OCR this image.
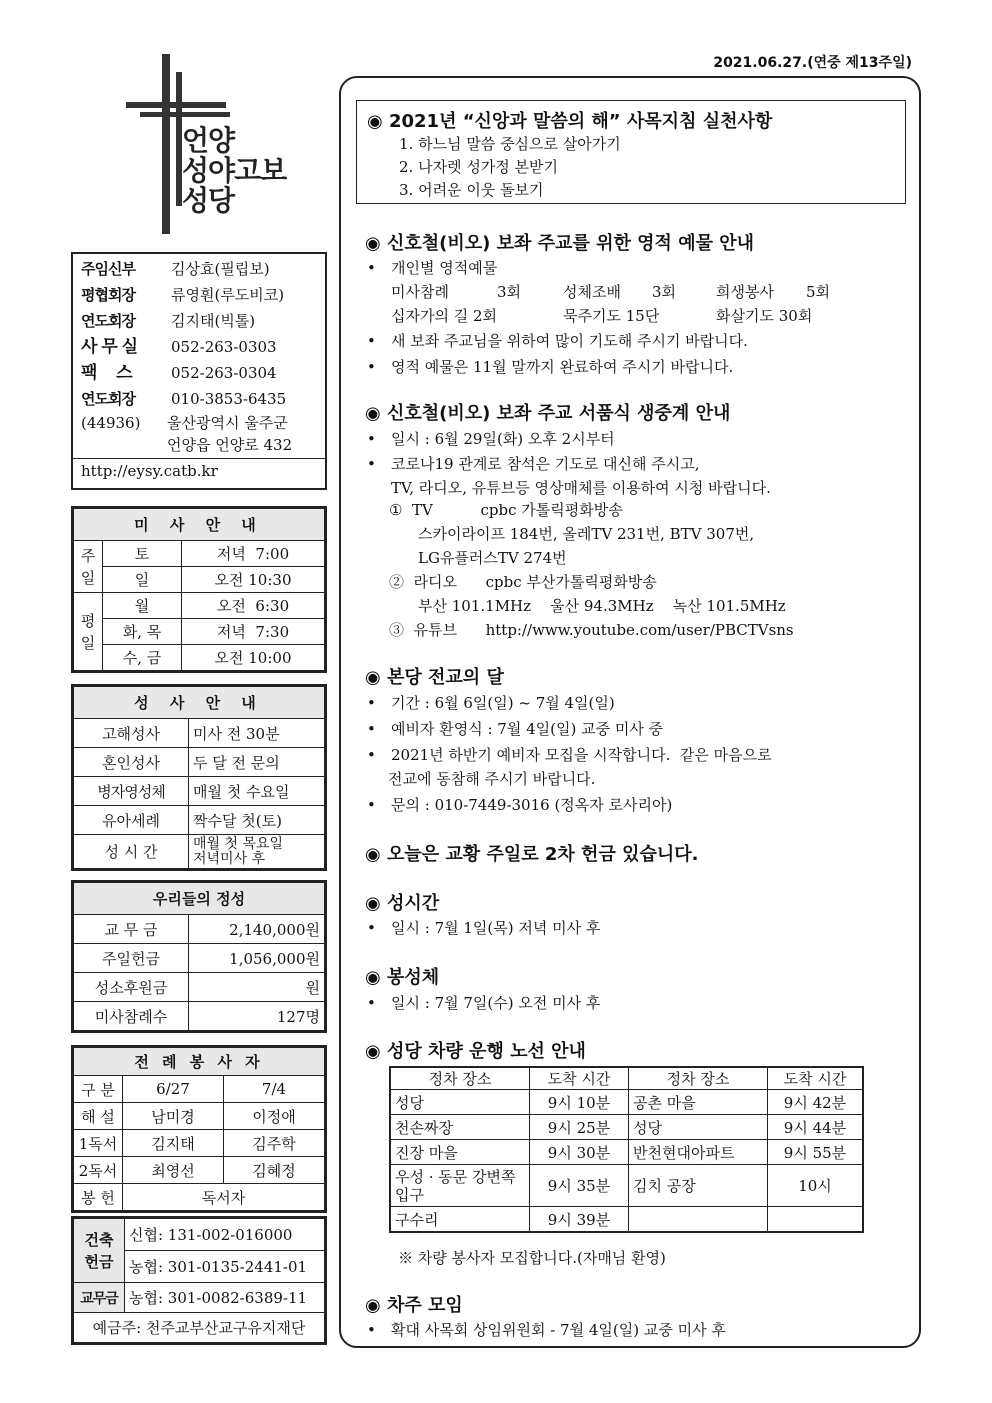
2021.06.27.(연중 제13주일)
언양
성야고보
성당
주임신부	김상효(필립보)
평협회장	류영훤(루도비코)
연도회장	김지태(빅톨)
사 무 실	052-263-0303
팩    스	052-263-0304
연도회장	010-3853-6435
(44936)	울산광역시 울주군
언양읍 언양로 432
http://eysy.catb.kr
미 사 안 내		
주일	토	저녁  7:00
	일	오전 10:30
평일	월	오전  6:30
	화, 목	저녁  7:30
	수, 금	오전 10:00
성 사 안 내	
고해성사	미사 전 30분
혼인성사	두 달 전 문의
병자영성체	매월 첫 수요일
유아세례	짝수달 첫(토)
성 시 간	매월 첫 목요일
저녁미사 후
우리들의 정성	
교 무 금	2,140,000원
주일헌금	1,056,000원
성소후원금	원
미사참례수	127명
전 례 봉 사 자		
구 분	6/27	7/4
해 설	남미경	이정애
1독서	김지태	김주학
2독서	최영선	김혜정
봉 헌	독서자	
건축헌금	신협: 131-002-016000
	농협: 301-0135-2441-01
교무금	농협: 301-0082-6389-11
예금주: 천주교부산교구유지재단	
◉ 2021년 “신앙과 말씀의 해” 사목지침 실천사항
1. 하느님 말씀 중심으로 살아가기
2. 나자렛 성가정 본받기
3. 어려운 이웃 돌보기
◉ 신호철(비오) 보좌 주교를 위한 영적 예물 안내
• 개인별 영적예물
미사참례	3회	성체조배 3회	희생봉사 5회
십자가의 길 2회	묵주기도 15단	화살기도 30회
• 새 보좌 주교님을 위하여 많이 기도해 주시기 바랍니다.
• 영적 예물은 11월 말까지 완료하여 주시기 바랍니다.
◉ 신호철(비오) 보좌 주교 서품식 생중계 안내
• 일시 : 6월 29일(화) 오후 2시부터
• 코로나19 관계로 참석은 기도로 대신해 주시고,
TV, 라디오, 유튜브등 영상매체를 이용하여 시청 바랍니다.
①  TV          cpbc 가톨릭평화방송
스카이라이프 184번, 올레TV 231번, BTV 307번,
LG유플러스TV 274번
②  라디오      cpbc 부산가톨릭평화방송
부산 101.1MHz    울산 94.3MHz    녹산 101.5MHz
③  유튜브      http://www.youtube.com/user/PBCTVsns
◉ 본당 전교의 달
• 기간 : 6월 6일(일) ~ 7월 4일(일)
• 예비자 환영식 : 7월 4일(일) 교중 미사 중
• 2021년 하반기 예비자 모집을 시작합니다.  같은 마음으로
전교에 동참해 주시기 바랍니다.
• 문의 : 010-7449-3016 (정옥자 로사리아)
◉ 오늘은 교황 주일로 2차 헌금 있습니다.
◉ 성시간
• 일시 : 7월 1일(목) 저녁 미사 후
◉ 봉성체
• 일시 : 7월 7일(수) 오전 미사 후
◉ 성당 차량 운행 노선 안내
정차 장소	도착 시간	정차 장소	도착 시간
성당	9시 10분	공촌 마을	9시 42분
천손짜장	9시 25분	성당	9시 44분
진장 마을	9시 30분	반천현대아파트	9시 55분
우성 · 동문 강변쪽 입구	9시 35분	김치 공장	10시
구수리	9시 39분		
※ 차량 봉사자 모집합니다.(자매님 환영)
◉ 차주 모임
• 확대 사목회 상임위원회 - 7월 4일(일) 교중 미사 후
